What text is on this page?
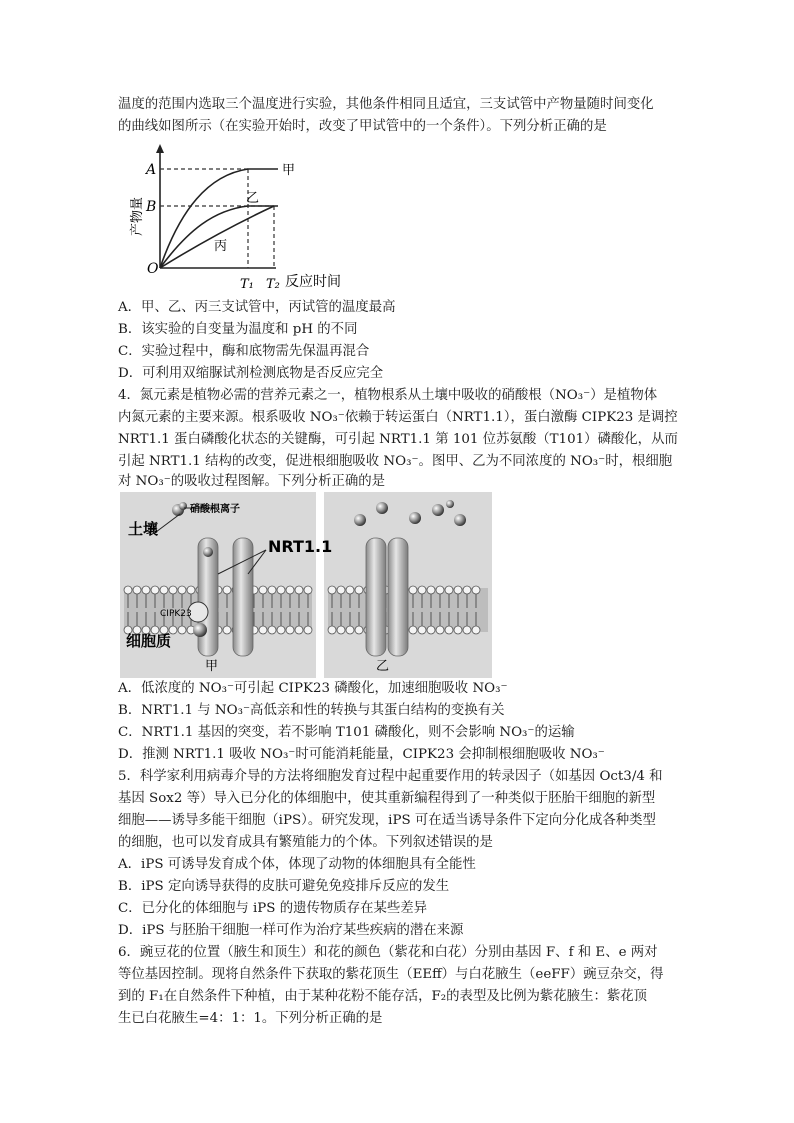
温度的范围内选取三个温度进行实验，其他条件相同且适宜，三支试管中产物量随时间变化
的曲线如图所示（在实验开始时，改变了甲试管中的一个条件）。下列分析正确的是
A
B
O
T₁ T₂ 反应时间
甲
乙
丙
产物量
A．甲、乙、丙三支试管中，丙试管的温度最高
B．该实验的自变量为温度和 pH 的不同
C．实验过程中，酶和底物需先保温再混合
D．可利用双缩脲试剂检测底物是否反应完全
4．氮元素是植物必需的营养元素之一，植物根系从土壤中吸收的硝酸根（NO₃⁻）是植物体
内氮元素的主要来源。根系吸收 NO₃⁻依赖于转运蛋白（NRT1.1），蛋白激酶 CIPK23 是调控
NRT1.1 蛋白磷酸化状态的关键酶，可引起 NRT1.1 第 101 位苏氨酸（T101）磷酸化，从而
引起 NRT1.1 结构的改变，促进根细胞吸收 NO₃⁻。图甲、乙为不同浓度的 NO₃⁻时，根细胞
对 NO₃⁻的吸收过程图解。下列分析正确的是
土壤
硝酸根离子
NRT1.1
CIPK23
细胞质
甲	乙
A．低浓度的 NO₃⁻可引起 CIPK23 磷酸化，加速细胞吸收 NO₃⁻
B．NRT1.1 与 NO₃⁻高低亲和性的转换与其蛋白结构的变换有关
C．NRT1.1 基因的突变，若不影响 T101 磷酸化，则不会影响 NO₃⁻的运输
D．推测 NRT1.1 吸收 NO₃⁻时可能消耗能量，CIPK23 会抑制根细胞吸收 NO₃⁻
5．科学家利用病毒介导的方法将细胞发育过程中起重要作用的转录因子（如基因 Oct3/4 和
基因 Sox2 等）导入已分化的体细胞中，使其重新编程得到了一种类似于胚胎干细胞的新型
细胞——诱导多能干细胞（iPS）。研究发现，iPS 可在适当诱导条件下定向分化成各种类型
的细胞，也可以发育成具有繁殖能力的个体。下列叙述错误的是
A．iPS 可诱导发育成个体，体现了动物的体细胞具有全能性
B．iPS 定向诱导获得的皮肤可避免免疫排斥反应的发生
C．已分化的体细胞与 iPS 的遗传物质存在某些差异
D．iPS 与胚胎干细胞一样可作为治疗某些疾病的潜在来源
6．豌豆花的位置（腋生和顶生）和花的颜色（紫花和白花）分别由基因 F、f 和 E、e 两对
等位基因控制。现将自然条件下获取的紫花顶生（EEff）与白花腋生（eeFF）豌豆杂交，得
到的 F₁在自然条件下种植，由于某种花粉不能存活，F₂的表型及比例为紫花腋生：紫花顶
生已白花腋生=4：1：1。下列分析正确的是
